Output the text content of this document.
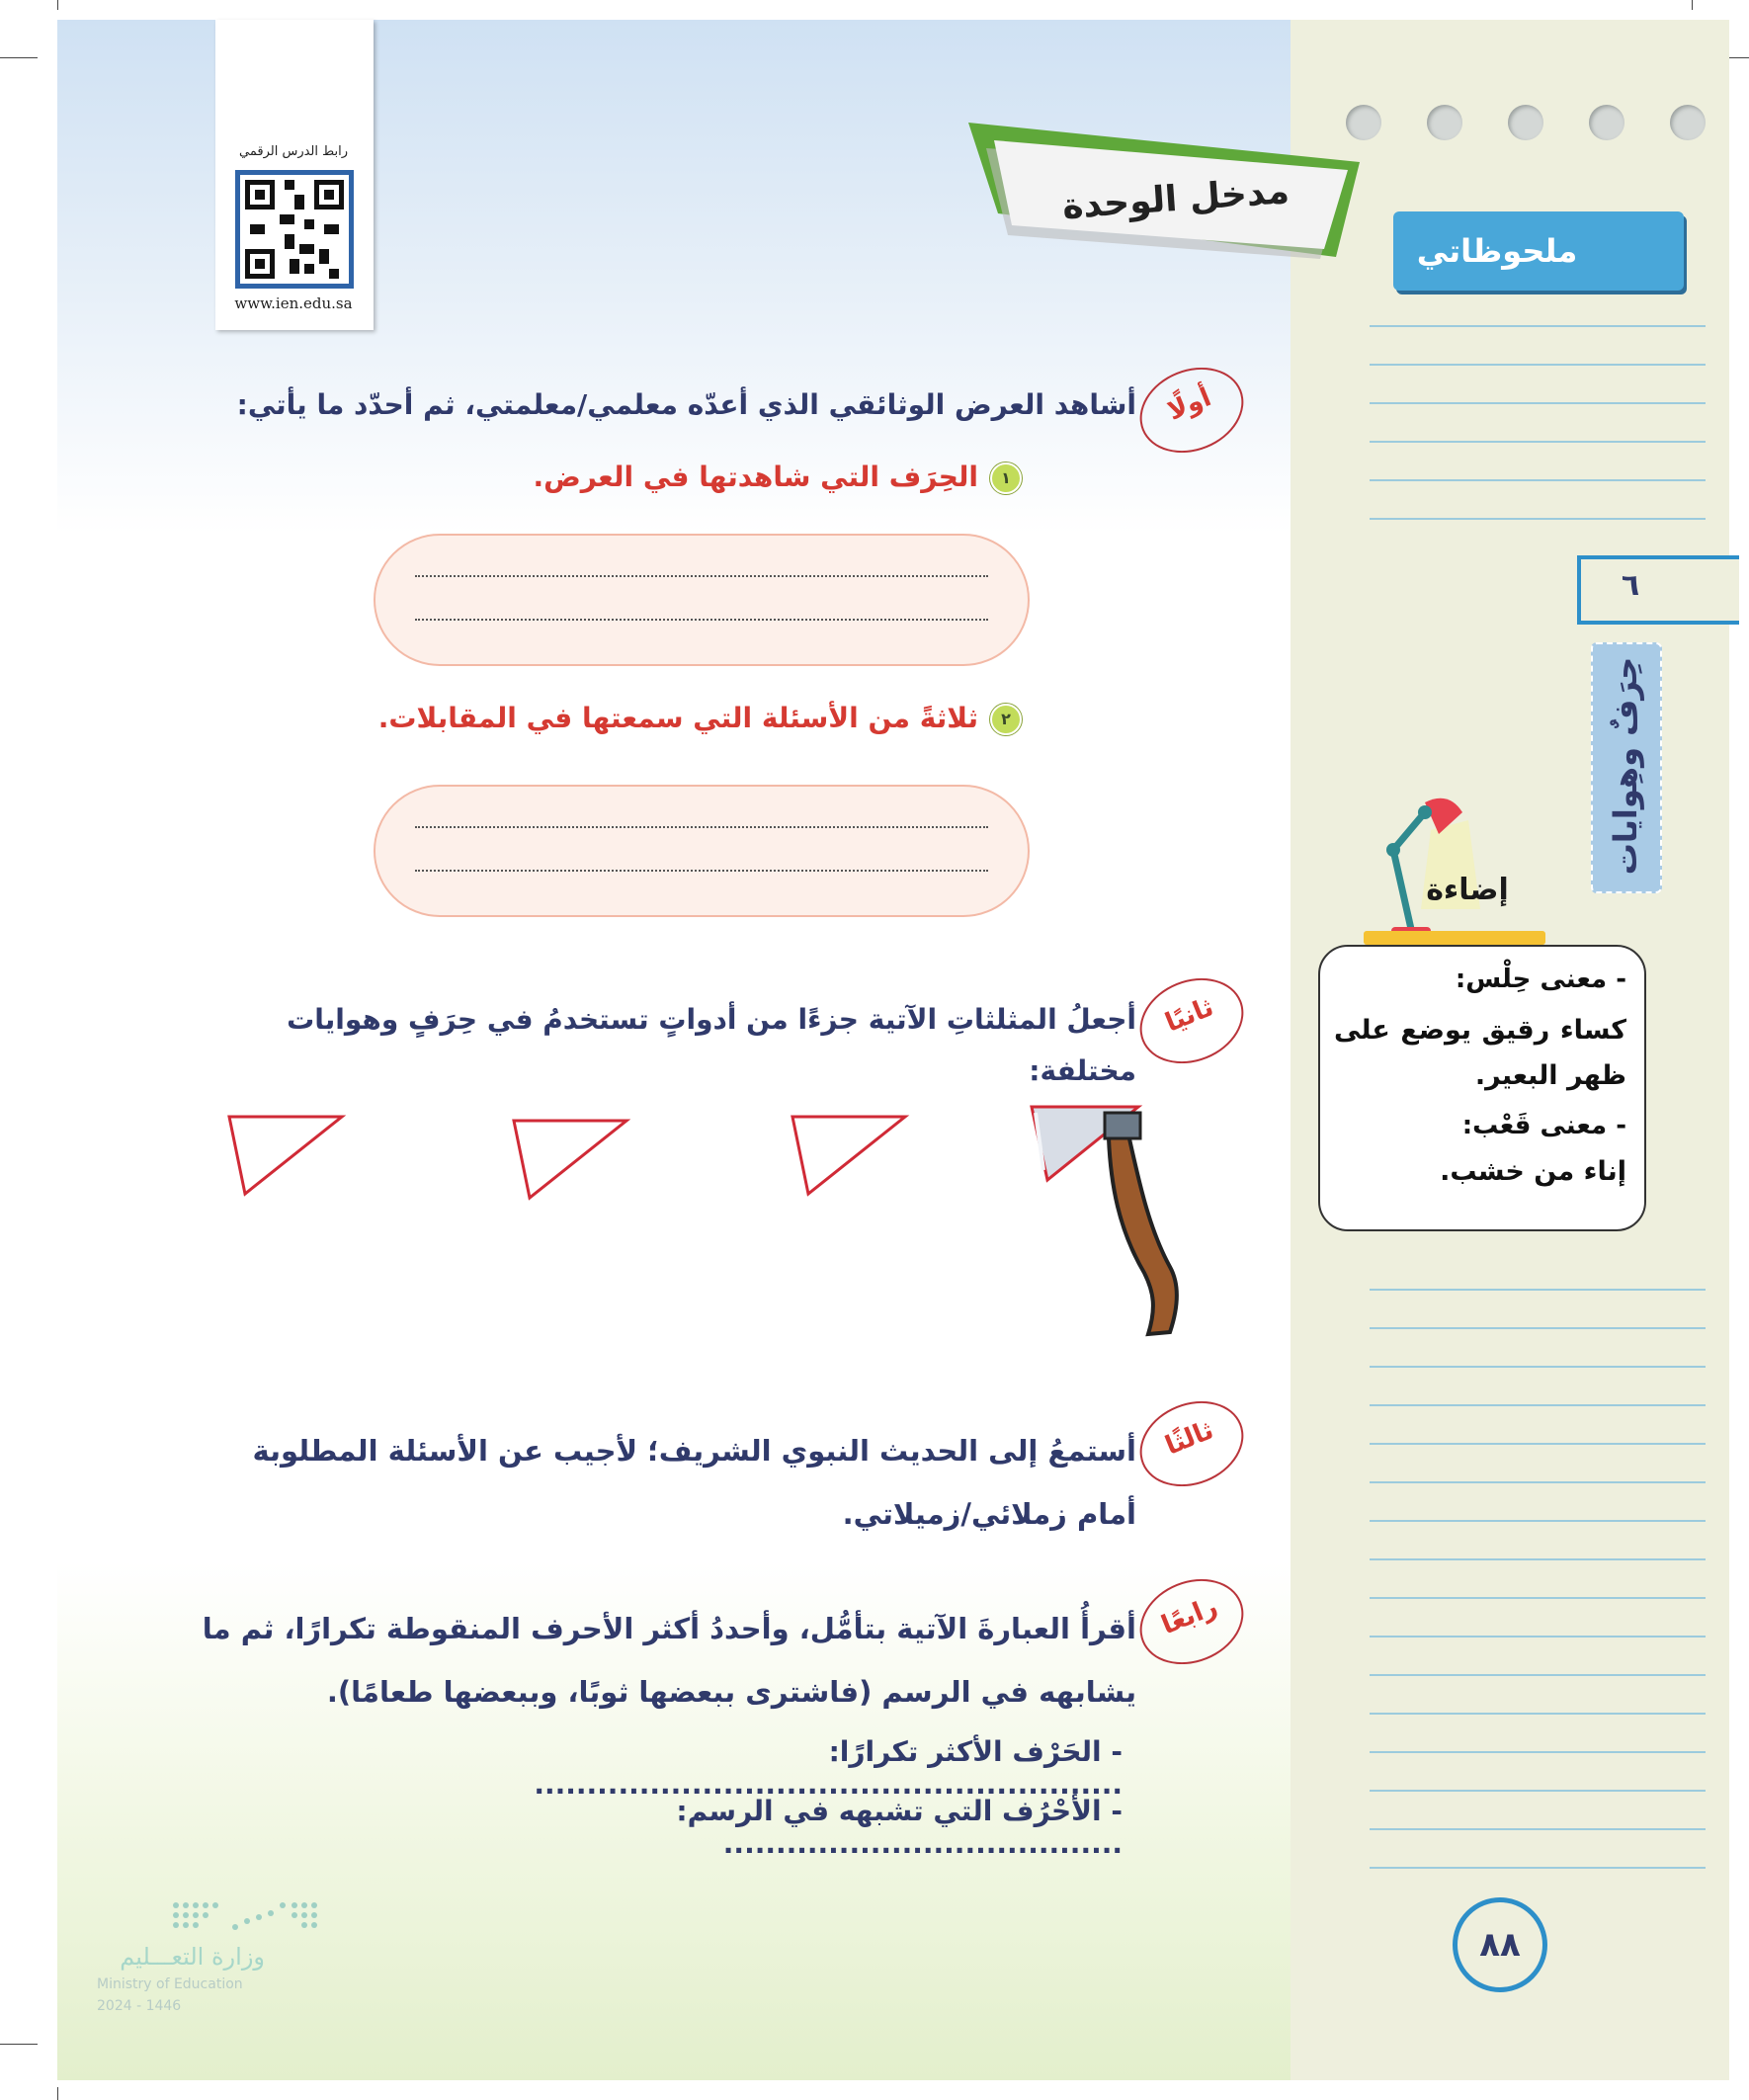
ملحوظاتي
٦
حِرَفٌ وهِوايات
إضاءة
- معنى حِلْس:
كساء رقيق يوضع على ظهر البعير.
- معنى قَعْب:
إناء من خشب.
٨٨
رابط الدرس الرقمي
www.ien.edu.sa
مدخل الوحدة
أولًا
أشاهد العرض الوثائقي الذي أعدّه معلمي/معلمتي، ثم أحدّد ما يأتي:
١
الحِرَف التي شاهدتها في العرض.
٢
ثلاثةً من الأسئلة التي سمعتها في المقابلات.
ثانيًا
أجعلُ المثلثاتِ الآتية جزءًا من أدواتٍ تستخدمُ في حِرَفٍ وهوايات مختلفة:
ثالثًا
أستمعُ إلى الحديث النبوي الشريف؛ لأجيب عن الأسئلة المطلوبة أمام زملائي/زميلاتي.
رابعًا
أقرأُ العبارةَ الآتية بتأمُّل، وأحددُ أكثر الأحرف المنقوطة تكرارًا، ثم ما يشابهه في الرسم (فاشترى ببعضها ثوبًا، وببعضها طعامًا).
- الحَرْف الأكثر تكرارًا: ........................................................
- الأحْرُف التي تشبهه في الرسم: ......................................
وزارة التعـــليم
Ministry of Education
2024 - 1446
